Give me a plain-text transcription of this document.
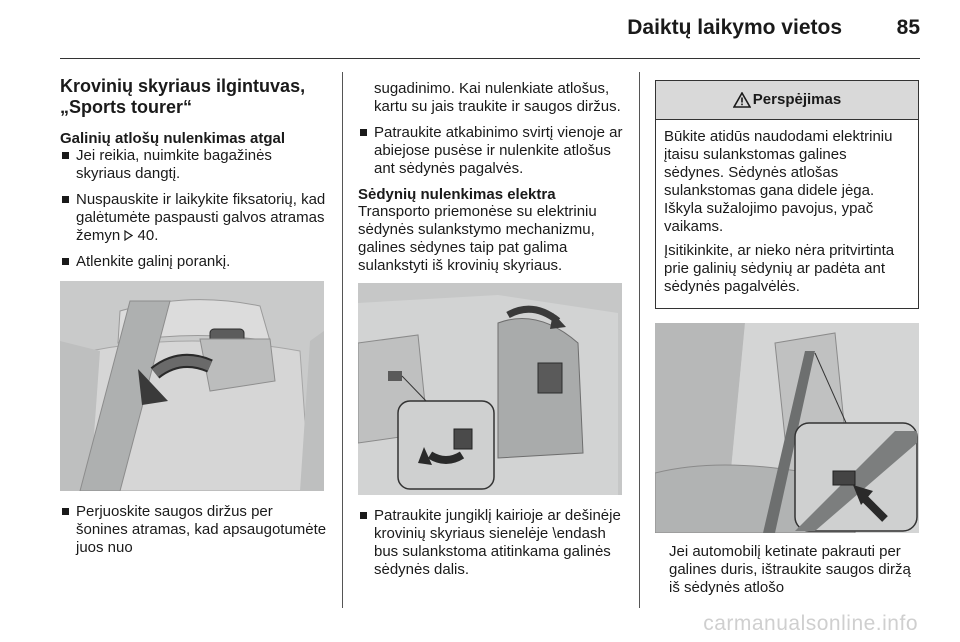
Daiktų laikymo vietos	85
Krovinių skyriaus ilgintuvas,
„Sports tourer“

Galinių atlošų nulenkimas atgal

Jei reikia, nuimkite bagažinės skyriaus dangtį.
Nuspauskite ir laikykite fiksatorių, kad galėtumėte paspausti galvos atramas žemyn 40.
Atlenkite galinį porankį.
Perjuoskite saugos diržus per šonines atramas, kad apsaugotumėte juos nuo

sugadinimo. Kai nulenkiate atlošus, kartu su jais traukite ir saugos diržus.

Patraukite atkabinimo svirtį vienoje ar abiejose pusėse ir nulenkite atlošus ant sėdynės pagalvės.

Sėdynių nulenkimas elektra

Transporto priemonėse su elektriniu sėdynės sulankstymo mechanizmu, galines sėdynes taip pat galima sulankstyti iš krovinių skyriaus.

Patraukite jungiklį kairioje ar dešinėje krovinių skyriaus sienelėje \endash bus sulankstoma atitinkama galinės sėdynės dalis.
Perspėjimas

Būkite atidūs naudodami elektriniu įtaisu sulankstomas galines sėdynes. Sėdynės atlošas sulankstomas gana didele jėga. Iškyla sužalojimo pavojus, ypač vaikams.

Įsitikinkite, ar nieko nėra pritvirtinta prie galinių sėdynių ar padėta ant sėdynės pagalvėlės.

Jei automobilį ketinate pakrauti per galines duris, ištraukite saugos diržą iš sėdynės atlošo

carmanualsonline.info
